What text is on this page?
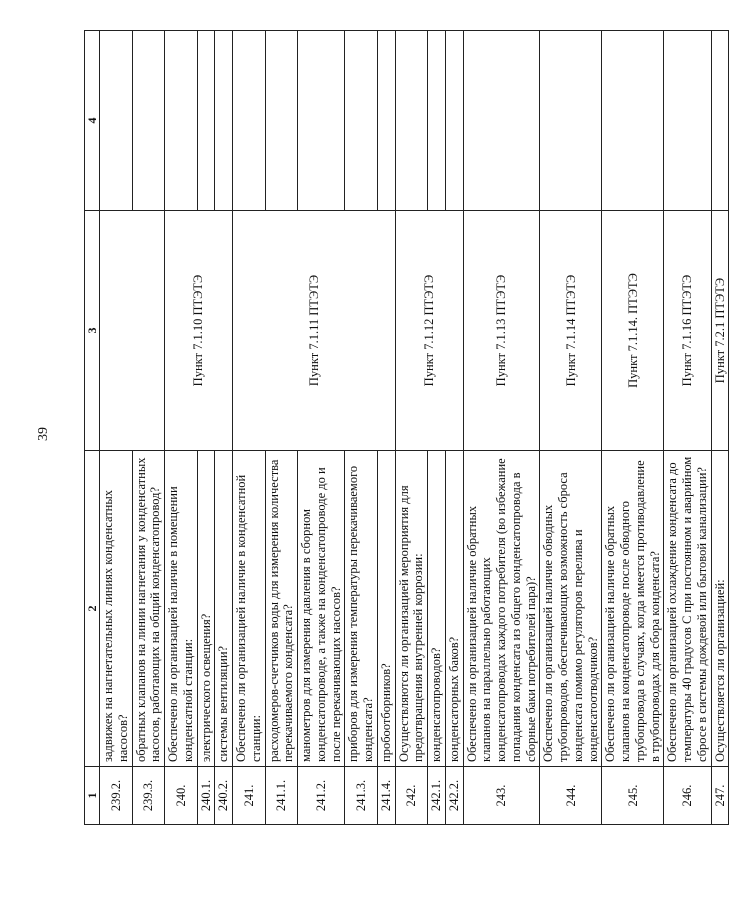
39
1	2	3	4
239.2.	задвижек на нагнетательных линиях конденсатных насосов?		
239.3.	обратных клапанов на линии нагнетания у конденсатных насосов, работающих на общий конденсатопровод?		
240.	Обеспечено ли организацией наличие в помещении конденсатной станции:	Пункт 7.1.10 ПТЭТЭ	
240.1.	электрического освещения?		
240.2.	системы вентиляции?		
241.	Обеспечено ли организацией наличие в конденсатной станции:	Пункт 7.1.11 ПТЭТЭ	
241.1.	расходомеров-счетчиков воды для измерения количества перекачиваемого конденсата?		
241.2.	манометров для измерения давления в сборном конденсатопроводе, а также на конденсатопроводе до и после перекачивающих насосов?		
241.3.	приборов для измерения температуры перекачиваемого конденсата?		
241.4.	пробоотборников?		
242.	Осуществляются ли организацией мероприятия для предотвращения внутренней коррозии:	Пункт 7.1.12 ПТЭТЭ	
242.1.	конденсатопроводов?		
242.2.	конденсаторных баков?		
243.	Обеспечено ли организацией наличие обратных клапанов на параллельно работающих конденсатопроводах каждого потребителя (во избежание попадания конденсата из общего конденсатопровода в сборные баки потребителей пара)?	Пункт 7.1.13 ПТЭТЭ	
244.	Обеспечено ли организацией наличие обводных трубопроводов, обеспечивающих возможность сброса конденсата помимо регуляторов перелива и конденсатоотводчиков?	Пункт 7.1.14 ПТЭТЭ	
245.	Обеспечено ли организацией наличие обратных клапанов на конденсатопроводе после обводного трубопровода в случаях, когда имеется противодавление в трубопроводах для сбора конденсата?	Пункт 7.1.14. ПТЭТЭ	
246.	Обеспечено ли организацией охлаждение конденсата до температуры 40 градусов С при постоянном и аварийном сбросе в системы дождевой или бытовой канализации?	Пункт 7.1.16 ПТЭТЭ	
247.	Осуществляется ли организацией:	Пункт 7.2.1 ПТЭТЭ	
